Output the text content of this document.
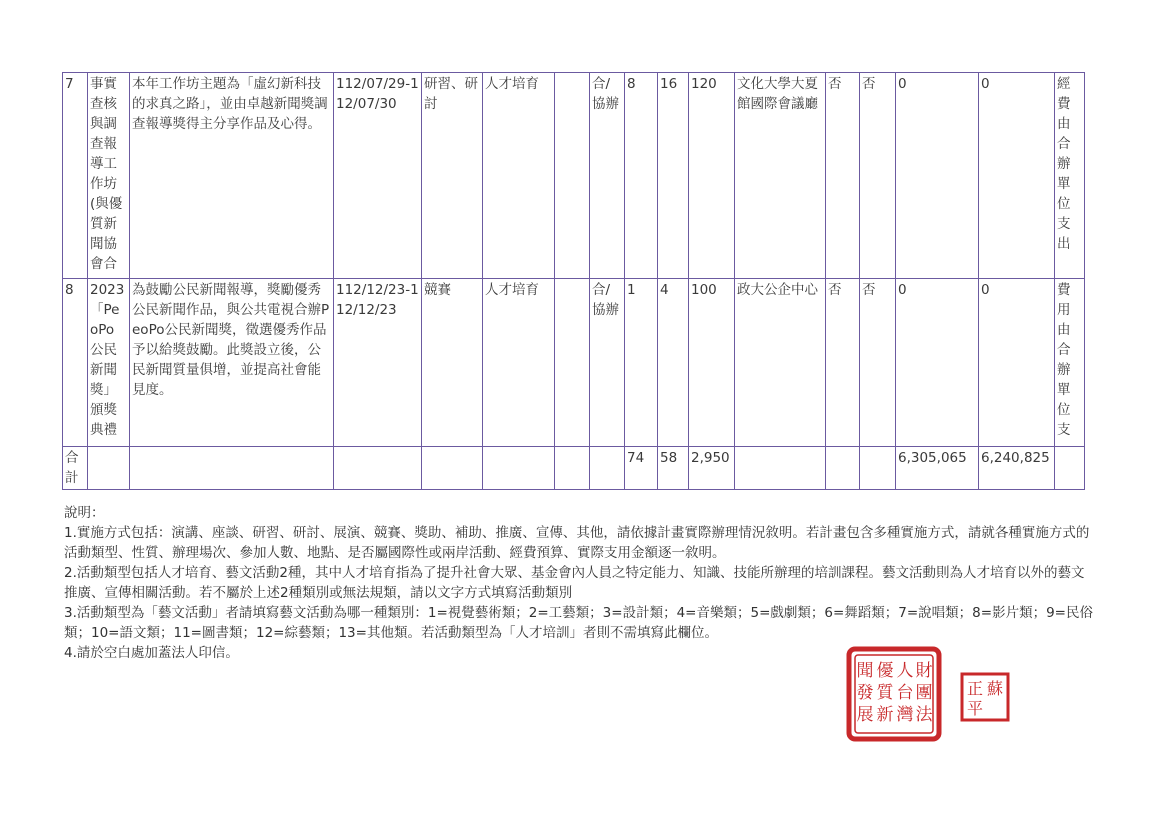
7	事實查核與調查報導工作坊(與優質新聞協會合	本年工作坊主題為「虛幻新科技的求真之路」，並由卓越新聞獎調查報導獎得主分享作品及心得。	112/07/29-112/07/30	研習、研討	人才培育		合/協辦	8	16	120	文化大學大夏館國際會議廳	否	否	0	0	經費由合辦單位支出
8	2023「PeoPo公民新聞獎」頒獎典禮	為鼓勵公民新聞報導，獎勵優秀公民新聞作品，與公共電視合辦PeoPo公民新聞獎，徵選優秀作品予以給獎鼓勵。此獎設立後，公民新聞質量俱增，並提高社會能見度。	112/12/23-112/12/23	競賽	人才培育		合/協辦	1	4	100	政大公企中心	否	否	0	0	費用由合辦單位支
合計								74	58	2,950				6,305,065	6,240,825	

說明：

1.實施方式包括：演講、座談、研習、研討、展演、競賽、獎助、補助、推廣、宣傳、其他，請依據計畫實際辦理情況敘明。若計畫包含多種實施方式，請就各種實施方式的活動類型、性質、辦理場次、參加人數、地點、是否屬國際性或兩岸活動、經費預算、實際支用金額逐一敘明。

2.活動類型包括人才培育、藝文活動2種，其中人才培育指為了提升社會大眾、基金會內人員之特定能力、知識、技能所辦理的培訓課程。藝文活動則為人才培育以外的藝文推廣、宣傳相關活動。若不屬於上述2種類別或無法規類，請以文字方式填寫活動類別

3.活動類型為「藝文活動」者請填寫藝文活動為哪一種類別：1=視覺藝術類；2=工藝類；3=設計類；4=音樂類；5=戲劇類；6=舞蹈類；7=說唱類；8=影片類；9=民俗類；10=語文類；11=圖書類；12=綜藝類；13=其他類。若活動類型為「人才培訓」者則不需填寫此欄位。

4.請於空白處加蓋法人印信。

財
團
法
人
台
灣
優
質
新
聞
發
展
蘇
正
平
